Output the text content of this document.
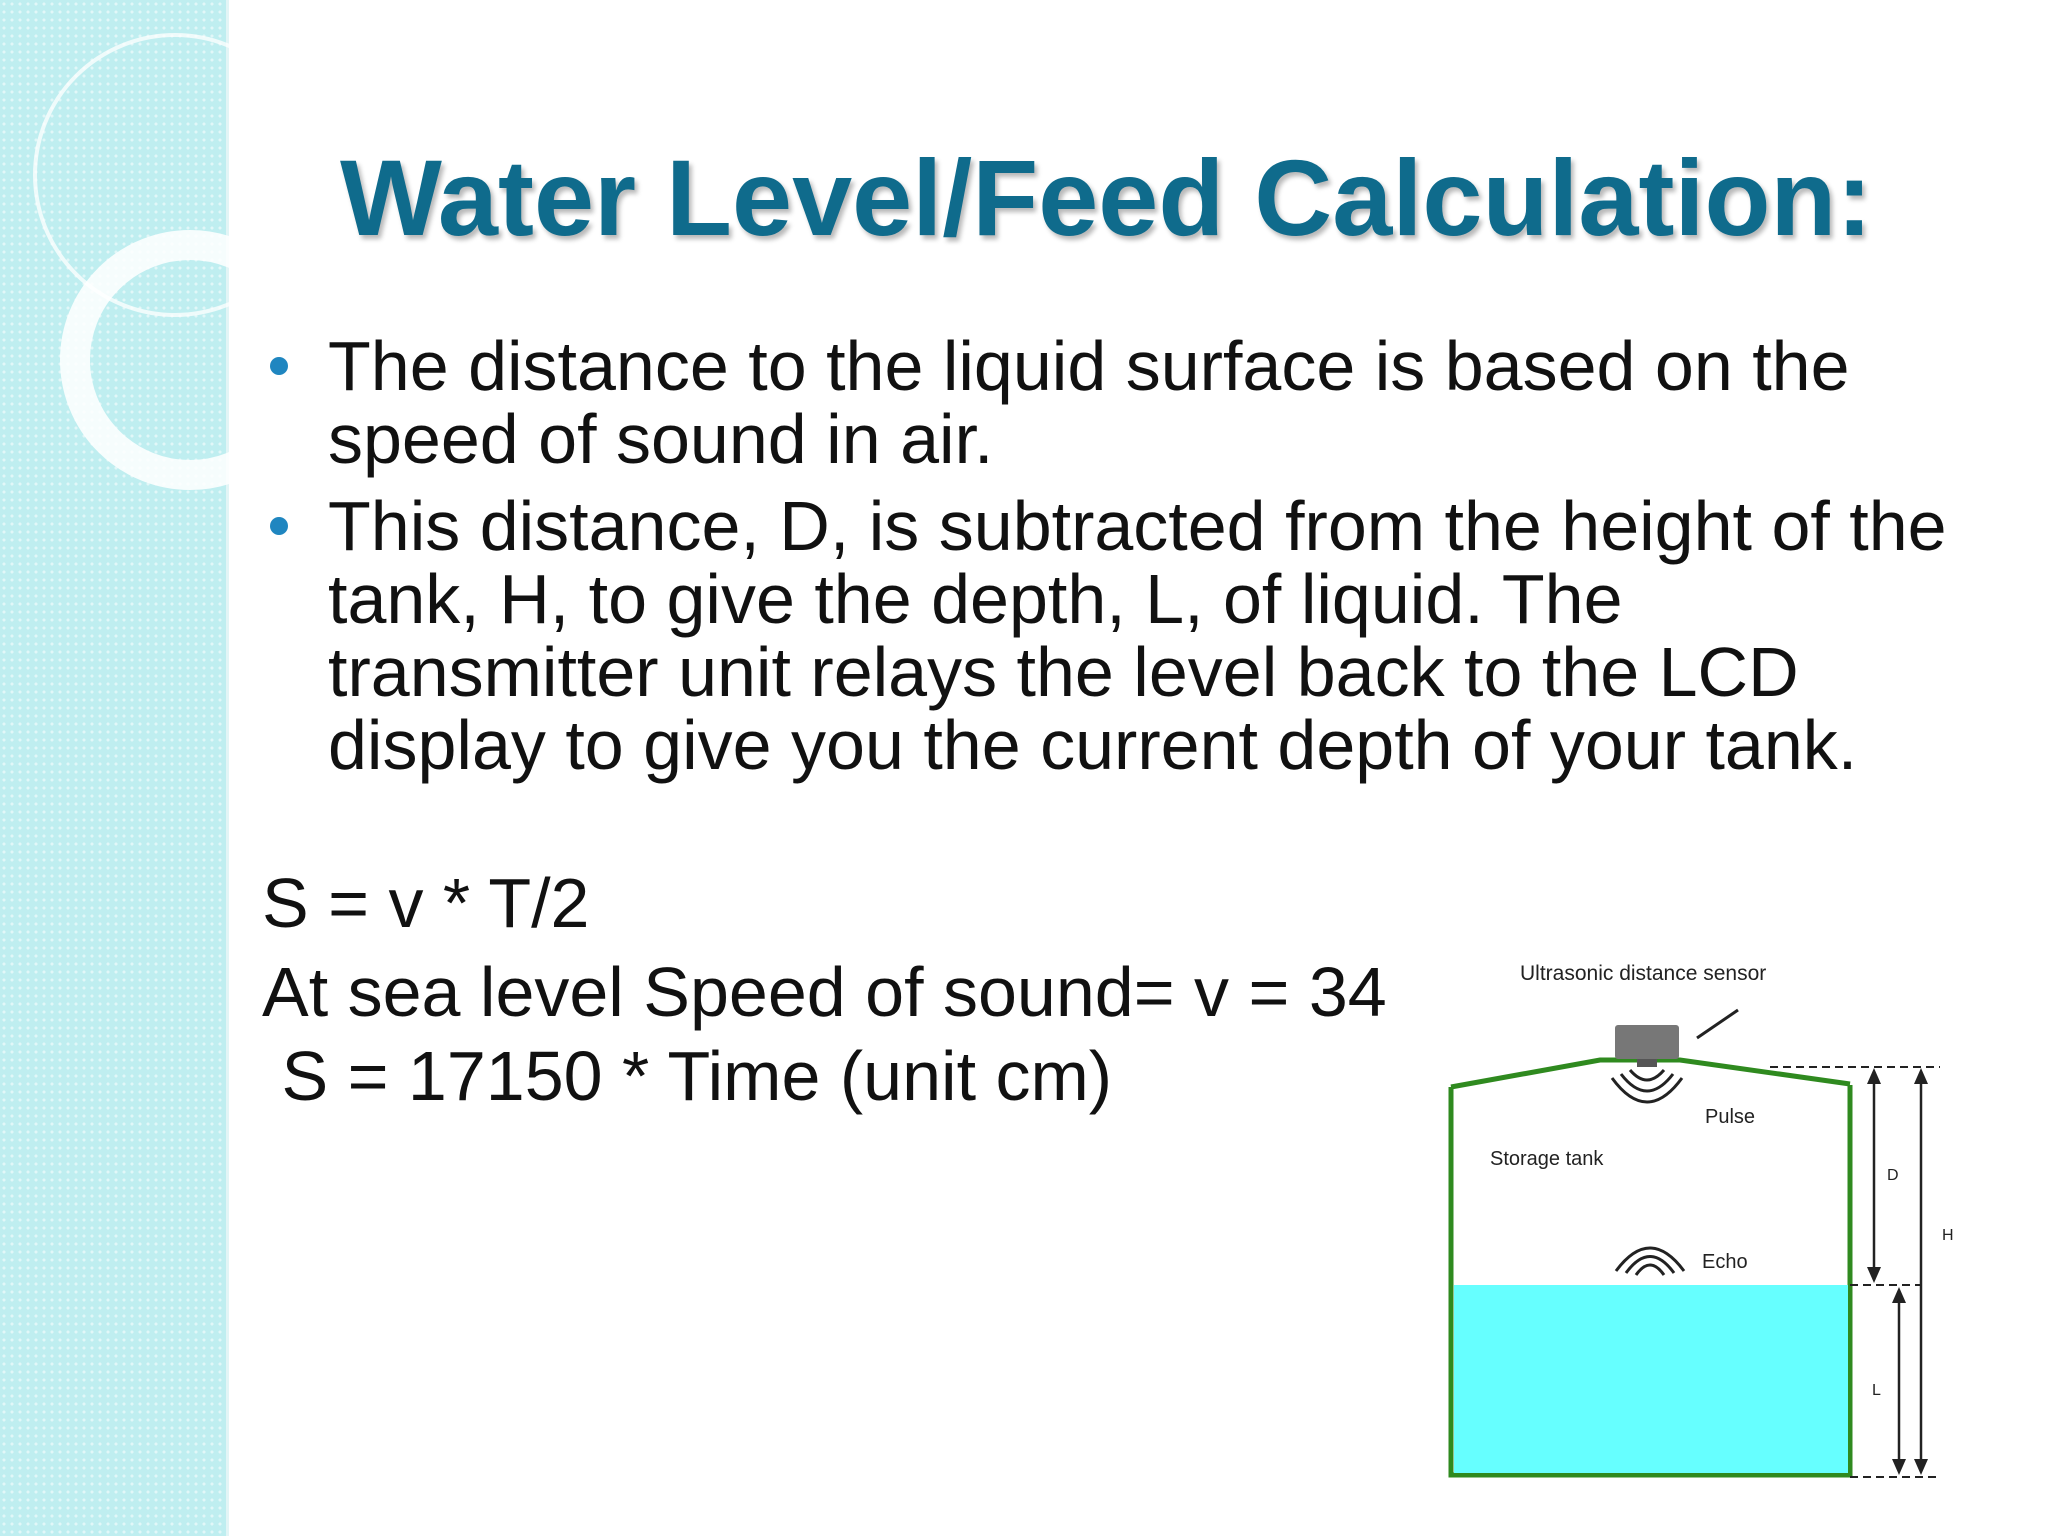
Water Level/Feed Calculation:
The distance to the liquid surface is based on the speed of sound in air.
This distance, D, is subtracted from the height of the tank, H, to give the depth, L, of liquid. The transmitter unit relays the level back to the LCD display to give you the current depth of your tank.
S = v * T/2
At sea level Speed of sound= v = 34
S = 17150 * Time (unit cm)
Ultrasonic distance sensor
Pulse
Storage tank
Echo
D
L
H
